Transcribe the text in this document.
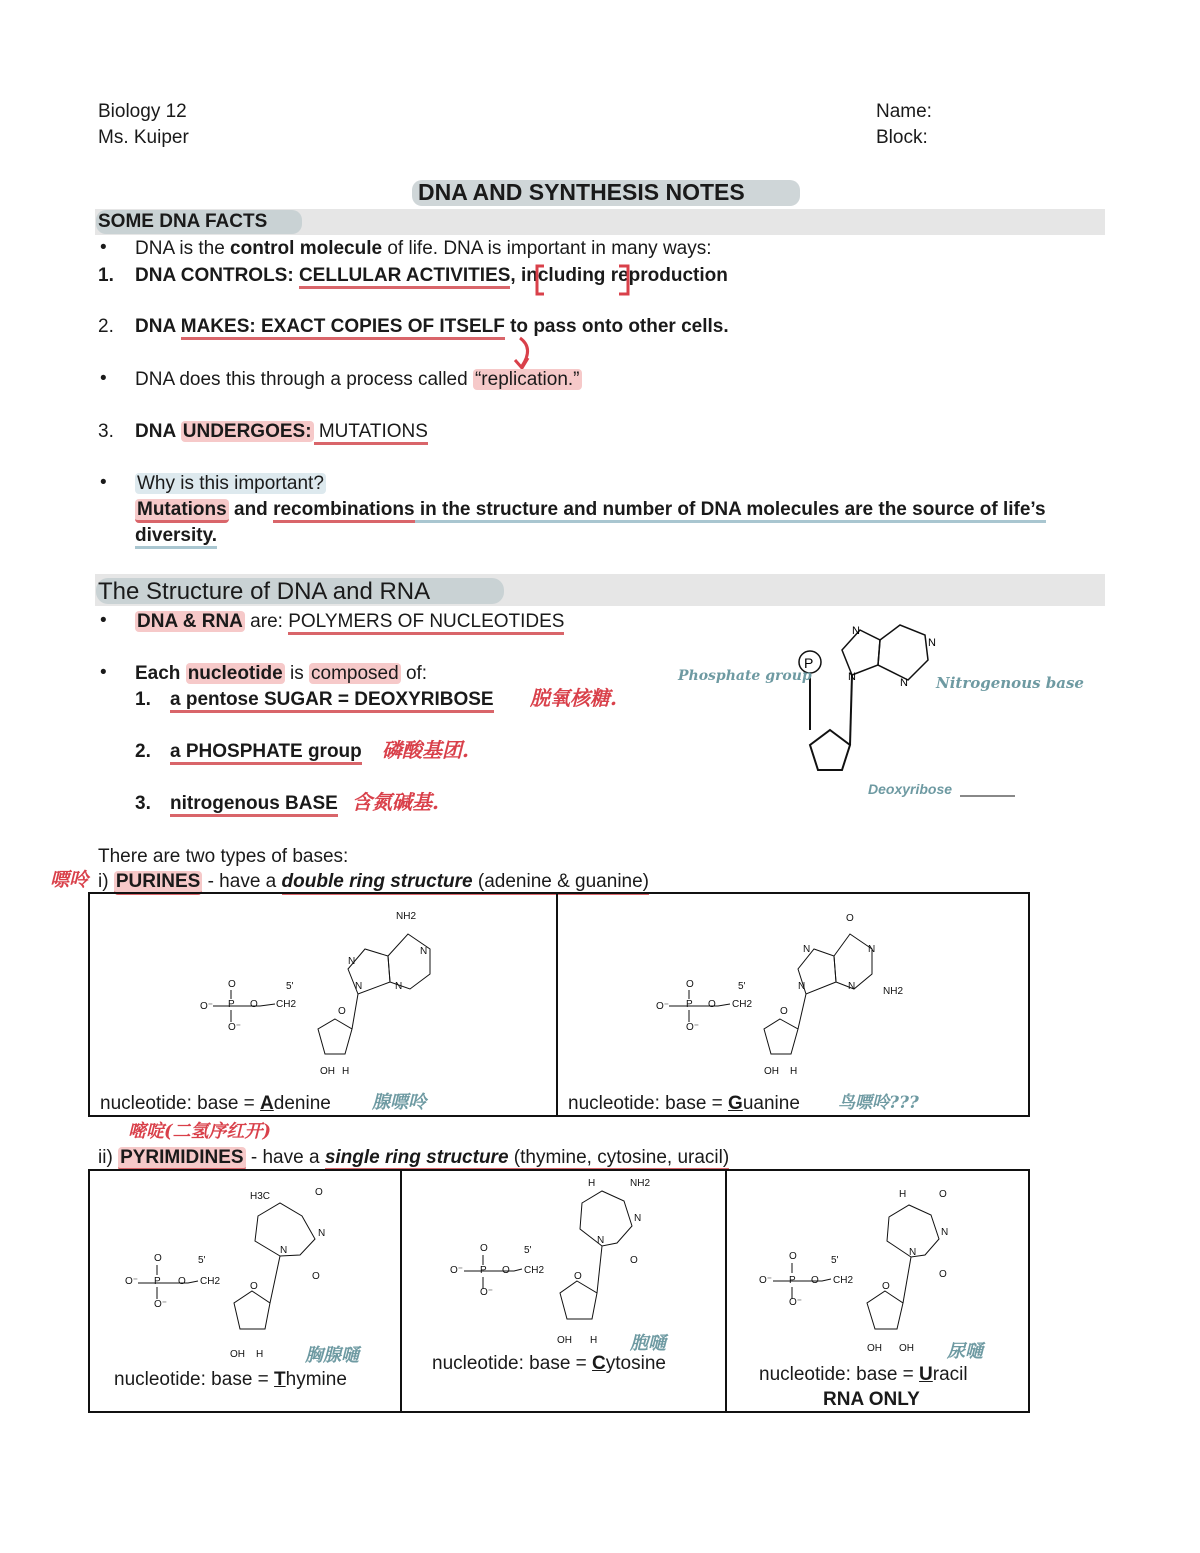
Biology 12
Ms. Kuiper
Name:
Block:
DNA AND SYNTHESIS NOTES
SOME DNA FACTS
• DNA is the control molecule of life. DNA is important in many ways:
1. DNA CONTROLS: CELLULAR ACTIVITIES, including reproduction
2. DNA MAKES: EXACT COPIES OF ITSELF to pass onto other cells.
• DNA does this through a process called “replication.”
3. DNA UNDERGOES: MUTATIONS
• Why is this important?
Mutations and recombinations in the structure and number of DNA molecules are the source of life’s
diversity.
The Structure of DNA and RNA
• DNA & RNA are: POLYMERS OF NUCLEOTIDES
• Each nucleotide is composed of:
1. a pentose SUGAR = DEOXYRIBOSE 脱氧核糖.
2. a PHOSPHATE group 磷酸基团.
3. nitrogenous BASE 含氮碱基.
P
N
N
N
N
Phosphate group	Nitrogenous base
Deoxyribose
There are two types of bases:
嘌呤 i) PURINES - have a double ring structure (adenine & guanine)
O⁻
O
P
O⁻
O CH2
5'
O
OH H
NH2
N
N	N
N
nucleotide: base = Adenine 腺嘌呤
O⁻
O
P
O⁻
O CH2
5'
O
OH H
O
N
N	N
N
NH2
nucleotide: base = Guanine 鸟嘌呤???
嘧啶(二氢序红开)
ii) PYRIMIDINES - have a single ring structure (thymine, cytosine, uracil)
O⁻
O
P
O⁻
O CH2
5'
O
OH H
H3C	O
N
N
O
胸腺嗵
nucleotide: base = Thymine
O⁻
O
P
O⁻
O CH2
5'
O
OH H
H	NH2
N
N
O
胞嗵
nucleotide: base = Cytosine
O⁻
O
P
O⁻
O CH2
5'
O
OH OH
H	O
N
N
O
尿嗵
nucleotide: base = Uracil
RNA ONLY
